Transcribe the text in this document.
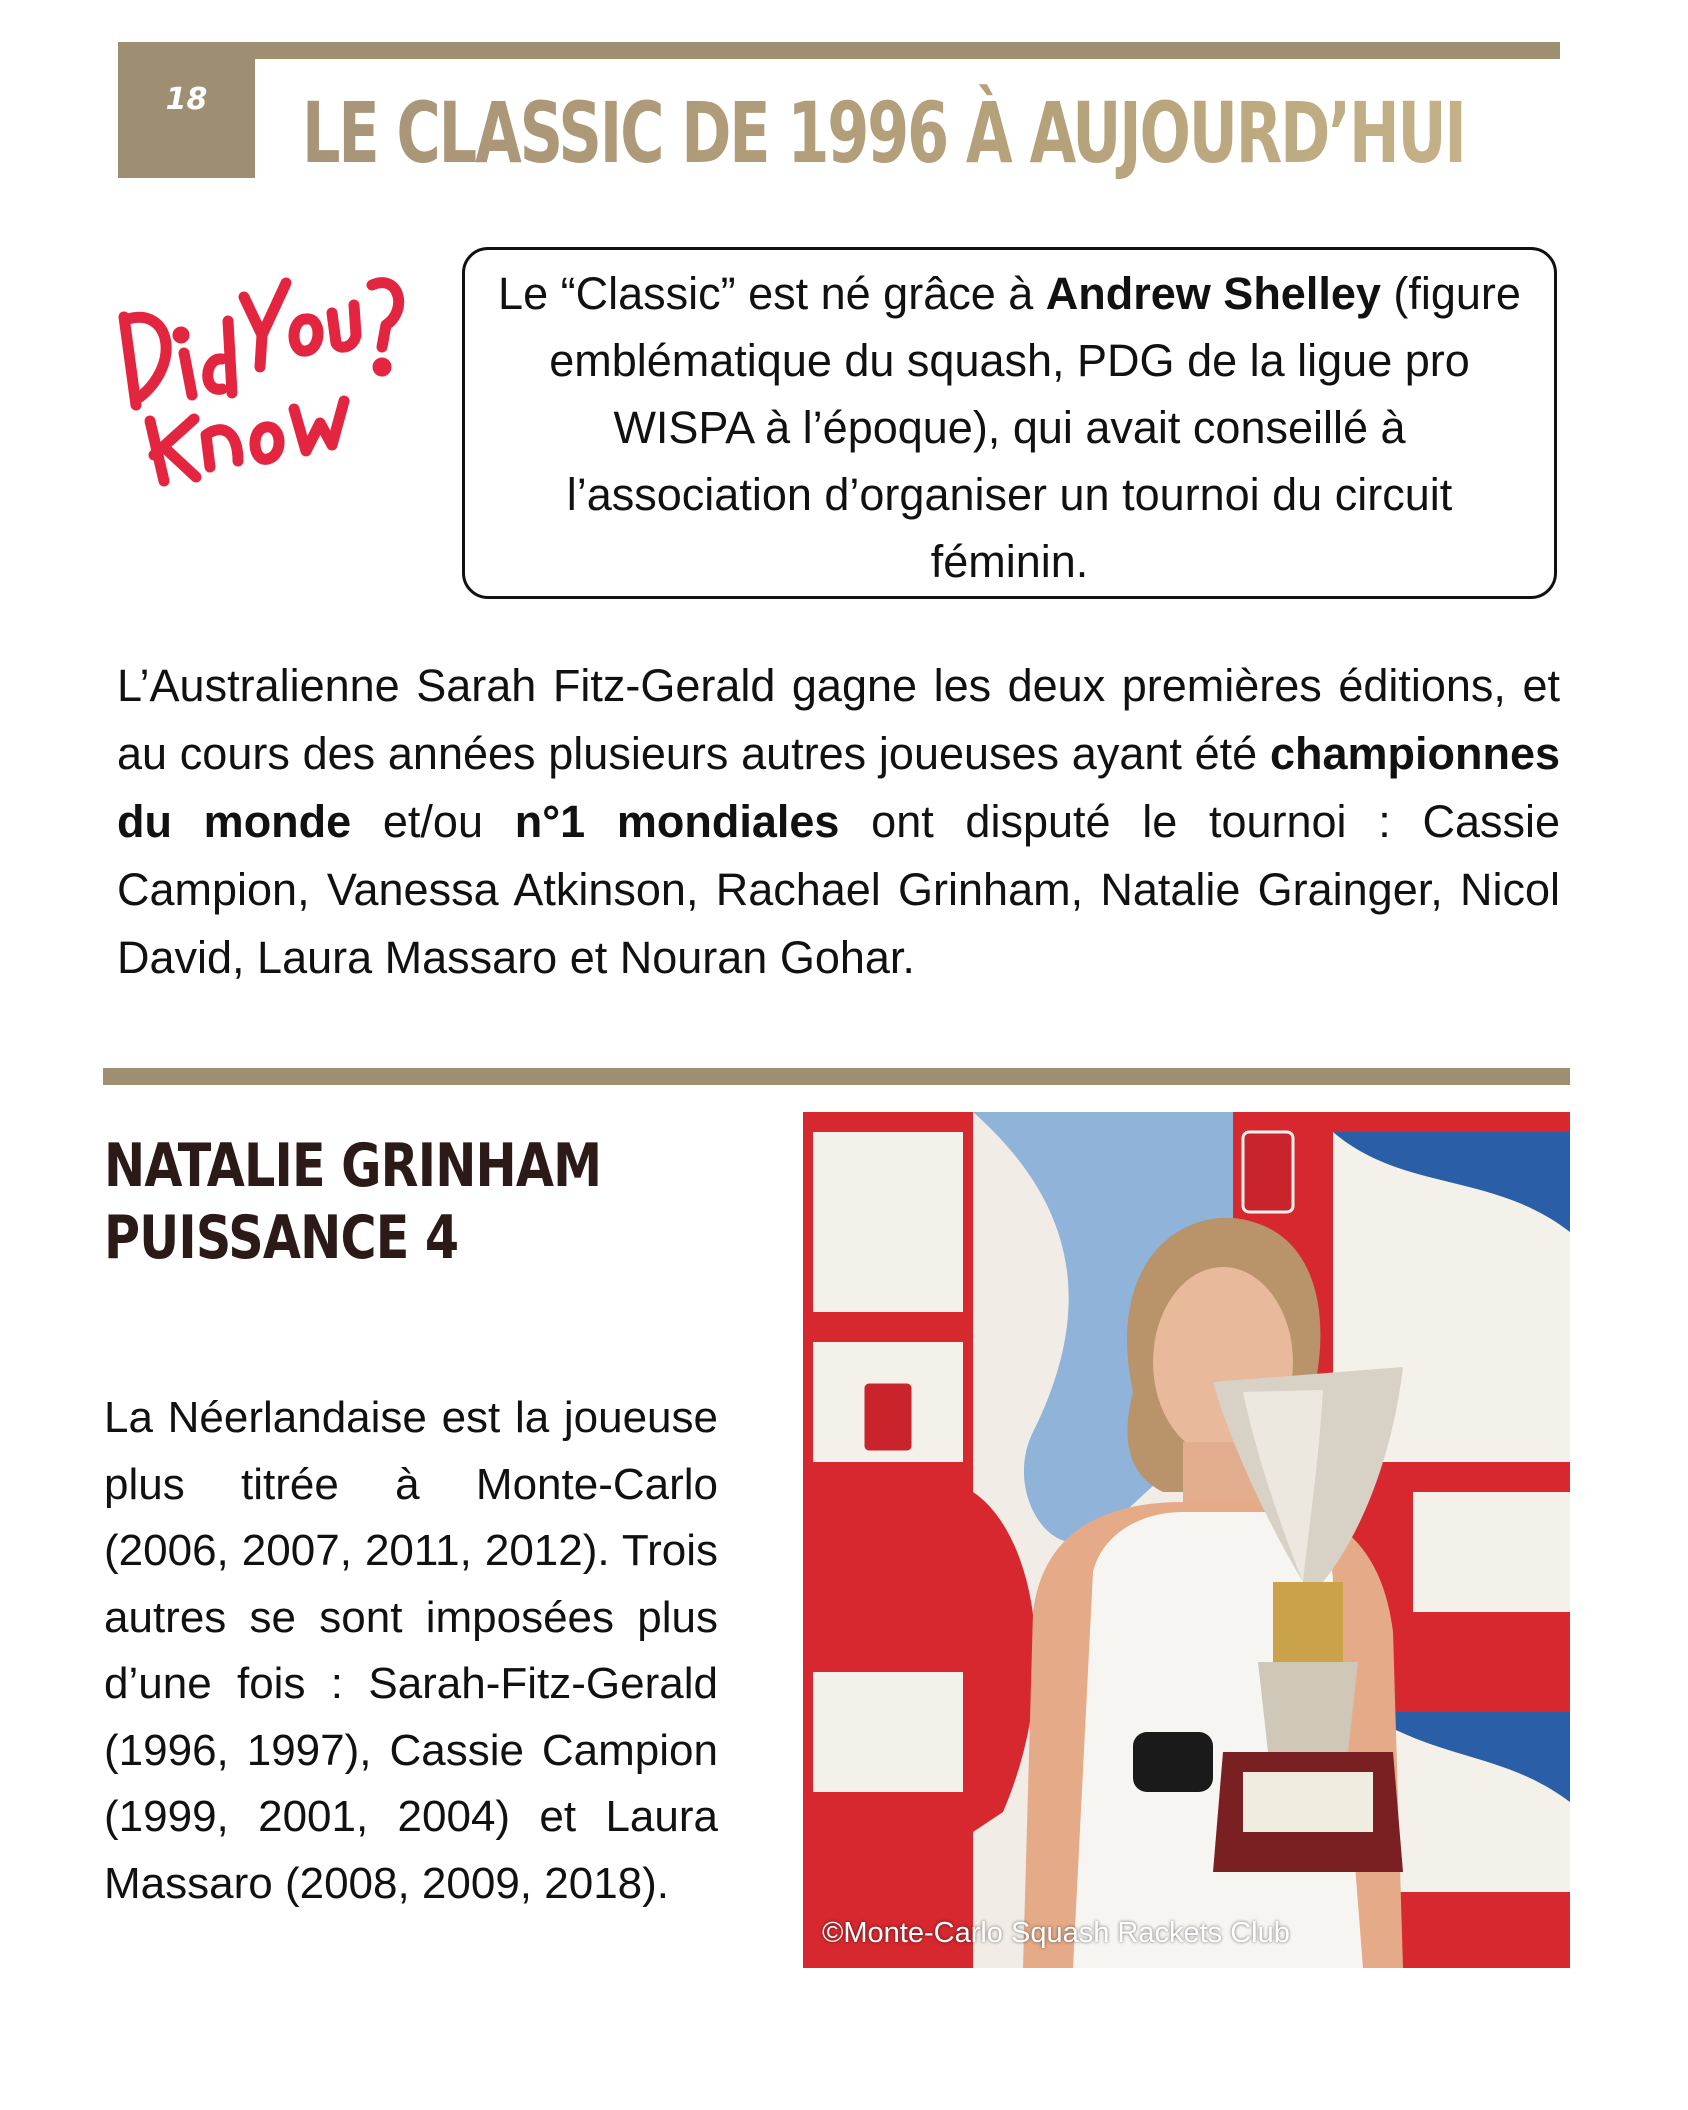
18	LE CLASSIC DE 1996 À AUJOURD’HUI
Le “Classic” est né grâce à Andrew Shelley (figure emblématique du squash, PDG de la ligue pro WISPA à l’époque), qui avait conseillé à l’association d’organiser un tournoi du circuit féminin.
L’Australienne Sarah Fitz-Gerald gagne les deux premières éditions, et au cours des années plusieurs autres joueuses ayant été championnes du monde et/ou n°1 mondiales ont disputé le tournoi : Cassie Campion, Vanessa Atkinson, Rachael Grinham, Natalie Grainger, Nicol David, Laura Massaro et Nouran Gohar.
NATALIE GRINHAM
PUISSANCE 4
La Néerlandaise est la joueuse plus titrée à Monte-Carlo (2006, 2007, 2011, 2012). Trois autres se sont imposées plus d’une fois : Sarah-Fitz-Gerald (1996, 1997), Cassie Campion (1999, 2001, 2004) et Laura Massaro (2008, 2009, 2018).
©Monte-Carlo Squash Rackets Club
